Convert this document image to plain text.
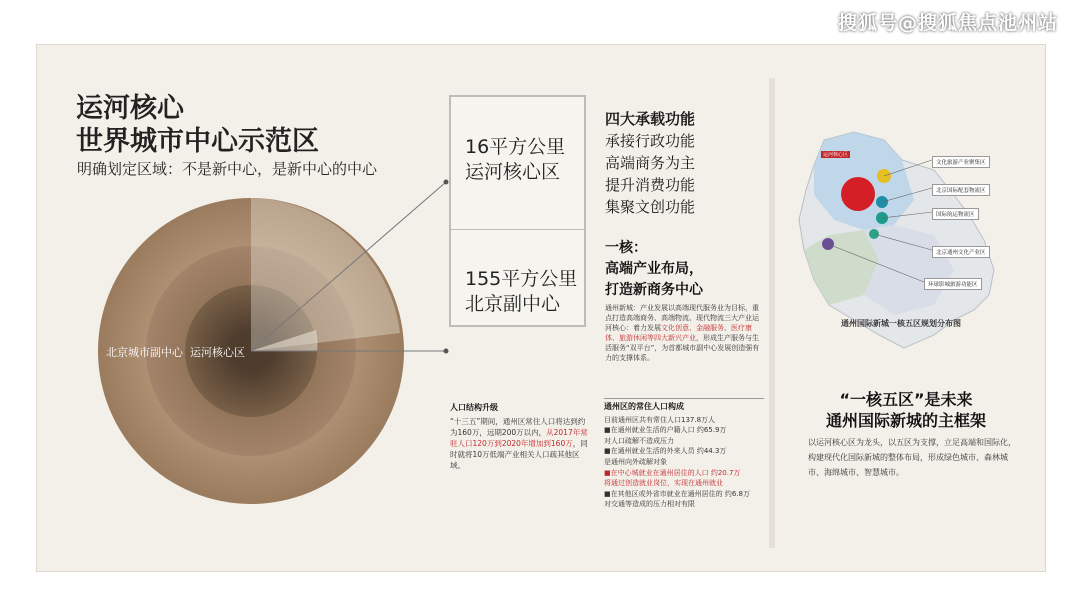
搜狐号@搜狐焦点池州站
运河核心
世界城市中心示范区
明确划定区域：不是新中心，是新中心的中心
北京城市副中心 运河核心区
16平方公里
运河核心区
155平方公里
北京副中心
四大承载功能
承接行政功能
高端商务为主
提升消费功能
集聚文创功能
一核：
高端产业布局，
打造新商务中心
通州新城：产业发展以高端现代服务业为目标，重点打造高端商务、高端物流、现代物流三大产业运河核心：着力发展文化创意、金融服务、医疗康体、旅游休闲等四大新兴产业，形成生产服务与生活服务“双平台”，为首都城市副中心发展创造强有力的支撑体系。
人口结构升级
“十三五”期间，通州区常住人口将达到约为160万，远期200万以内，从2017年常驻人口120万到2020年增加到160万，同时就将10万低端产业相关人口疏其他区域。
通州区的常住人口构成
目前通州区共有常住人口137.8万人
■在通州就业生活的户籍人口 约65.9万
对人口疏解不造成压力
■在通州就业生活的外来人员 约44.3万
是通州向外疏解对象
■在中心城就业在通州居住的人口 约20.7万
将通过创造就业岗位，实现在通州就业
■在其他区或外省市就业在通州居住的 约6.8万
对交通等造成的压力相对有限
运河核心区
文化旅游产业聚集区
北京国际配套物流区
国际航运物流区
北京通州文化产业区
环球影城旅游功能区
通州国际新城一核五区规划分布图
“一核五区”是未来
通州国际新城的主框架
以运河核心区为龙头，以五区为支撑，立足高端和国际化，构建现代化国际新城的整体布局，形成绿色城市、森林城市、海绵城市、智慧城市。
